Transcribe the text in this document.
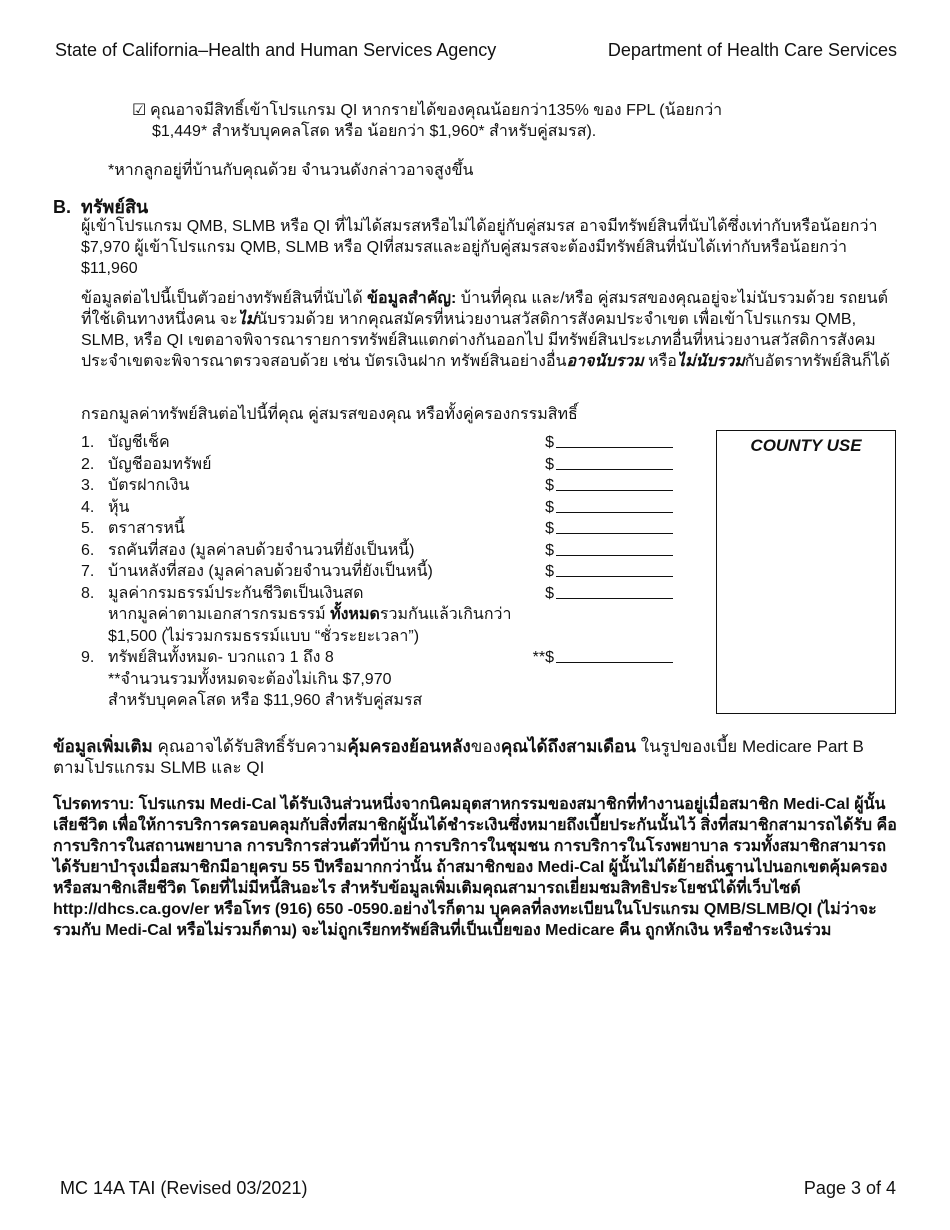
State of California–Health and Human Services Agency	Department of Health Care Services
☑ คุณอาจมีสิทธิ์เข้าโปรแกรม QI หากรายได้ของคุณน้อยกว่า135% ของ FPL (น้อยกว่า
$1,449* สำหรับบุคคลโสด หรือ น้อยกว่า $1,960* สำหรับคู่สมรส).
*หากลูกอยู่ที่บ้านกับคุณด้วย จำนวนดังกล่าวอาจสูงขึ้น
B. ทรัพย์สิน
ผู้เข้าโปรแกรม QMB, SLMB หรือ QI ที่ไม่ได้สมรสหรือไม่ได้อยู่กับคู่สมรส อาจมีทรัพย์สินที่นับได้ซึ่งเท่ากับหรือน้อยกว่า $7,970 ผู้เข้าโปรแกรม QMB, SLMB หรือ QIที่สมรสและอยู่กับคู่สมรสจะต้องมีทรัพย์สินที่นับได้เท่ากับหรือน้อยกว่า $11,960
ข้อมูลต่อไปนี้เป็นตัวอย่างทรัพย์สินที่นับได้ ข้อมูลสำคัญ: บ้านที่คุณ และ/หรือ คู่สมรสของคุณอยู่จะไม่นับรวมด้วย รถยนต์ที่ใช้เดินทางหนึ่งคน จะไม่นับรวมด้วย หากคุณสมัครที่หน่วยงานสวัสดิการสังคมประจำเขต เพื่อเข้าโปรแกรม QMB, SLMB, หรือ QI เขตอาจพิจารณารายการทรัพย์สินแตกต่างกันออกไป มีทรัพย์สินประเภทอื่นที่หน่วยงานสวัสดิการสังคมประจำเขตจะพิจารณาตรวจสอบด้วย เช่น บัตรเงินฝาก ทรัพย์สินอย่างอื่นอาจนับรวม หรือไม่นับรวมกับอัตราทรัพย์สินก็ได้
กรอกมูลค่าทรัพย์สินต่อไปนี้ที่คุณ คู่สมรสของคุณ หรือทั้งคู่ครองกรรมสิทธิ์
1. บัญชีเช็ค	$
2. บัญชีออมทรัพย์	$
3. บัตรฝากเงิน	$
4. หุ้น	$
5. ตราสารหนี้	$
6. รถคันที่สอง (มูลค่าลบด้วยจำนวนที่ยังเป็นหนี้)	$
7. บ้านหลังที่สอง (มูลค่าลบด้วยจำนวนที่ยังเป็นหนี้)	$
8. มูลค่ากรมธรรม์ประกันชีวิตเป็นเงินสด	$
หากมูลค่าตามเอกสารกรมธรรม์ ทั้งหมดรวมกันแล้วเกินกว่า
$1,500 (ไม่รวมกรมธรรม์แบบ “ชั่วระยะเวลา”)
9. ทรัพย์สินทั้งหมด- บวกแถว 1 ถึง 8	**$
**จำนวนรวมทั้งหมดจะต้องไม่เกิน $7,970
สำหรับบุคคลโสด หรือ $11,960 สำหรับคู่สมรส
COUNTY USE
ข้อมูลเพิ่มเติม คุณอาจได้รับสิทธิ์รับความคุ้มครองย้อนหลังของคุณได้ถึงสามเดือน ในรูปของเบี้ย Medicare Part B ตามโปรแกรม SLMB และ QI
โปรดทราบ: โปรแกรม Medi-Cal ได้รับเงินส่วนหนึ่งจากนิคมอุตสาหกรรมของสมาชิกที่ทำงานอยู่เมื่อสมาชิก Medi-Cal ผู้นั้นเสียชีวิต เพื่อให้การบริการครอบคลุมกับสิ่งที่สมาชิกผู้นั้นได้ชำระเงินซึ่งหมายถึงเบี้ยประกันนั้นไว้ สิ่งที่สมาชิกสามารถได้รับ คือ การบริการในสถานพยาบาล การบริการส่วนตัวที่บ้าน การบริการในชุมชน การบริการในโรงพยาบาล รวมทั้งสมาชิกสามารถได้รับยาบำรุงเมื่อสมาชิกมีอายุครบ 55 ปีหรือมากกว่านั้น ถ้าสมาชิกของ Medi-Cal ผู้นั้นไม่ได้ย้ายถิ่นฐานไปนอกเขตคุ้มครองหรือสมาชิกเสียชีวิต โดยที่ไม่มีหนี้สินอะไร สำหรับข้อมูลเพิ่มเติมคุณสามารถเยี่ยมชมสิทธิประโยชน์ได้ที่เว็บไซต์ http://dhcs.ca.gov/er หรือโทร (916) 650 -0590.อย่างไรก็ตาม บุคคลที่ลงทะเบียนในโปรแกรม QMB/SLMB/QI (ไม่ว่าจะรวมกับ Medi-Cal หรือไม่รวมก็ตาม) จะไม่ถูกเรียกทรัพย์สินที่เป็นเบี้ยของ Medicare คืน ถูกหักเงิน หรือชำระเงินร่วม
MC 14A TAI (Revised 03/2021)	Page 3 of 4
